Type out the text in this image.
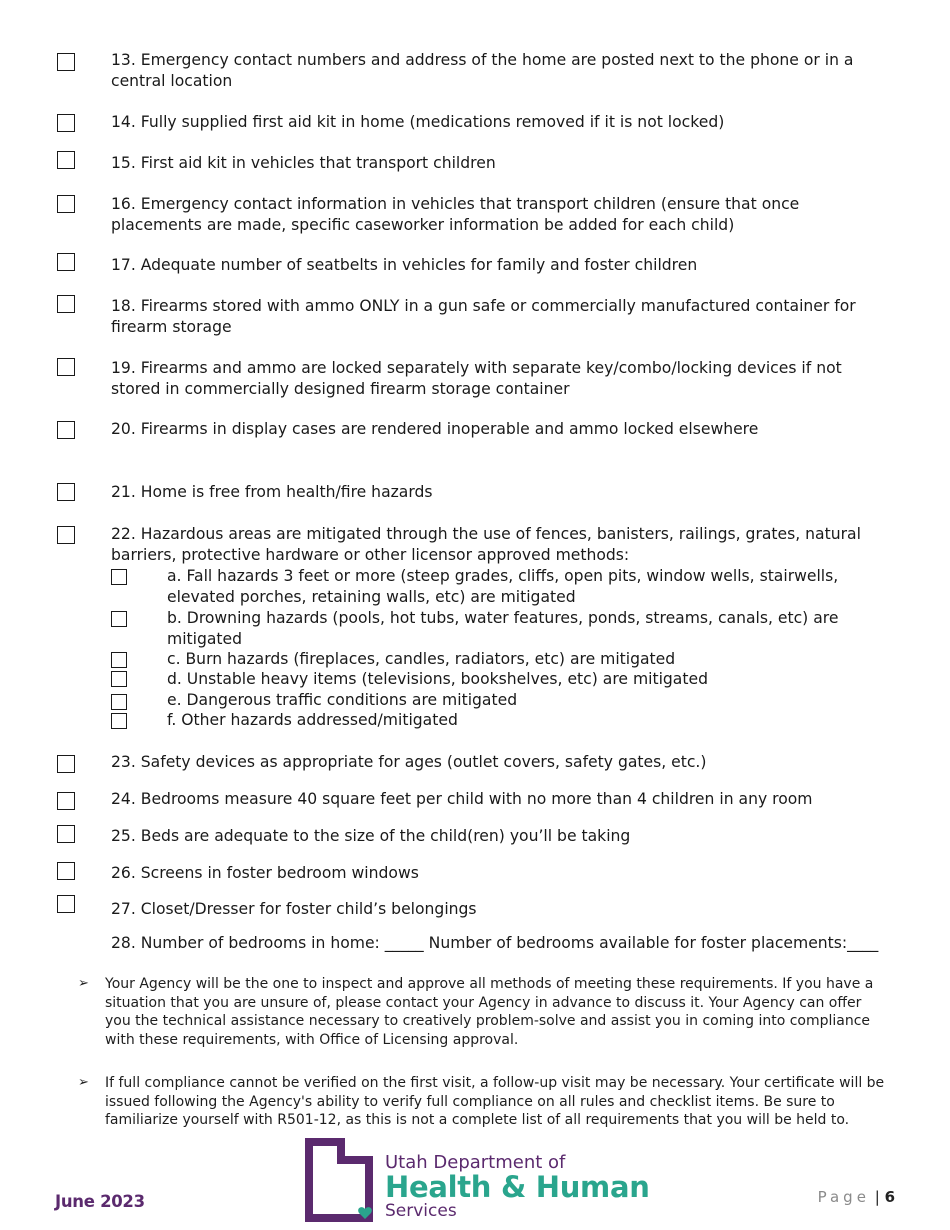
13. Emergency contact numbers and address of the home are posted next to the phone or in a central location
14. Fully supplied first aid kit in home (medications removed if it is not locked)
15. First aid kit in vehicles that transport children
16. Emergency contact information in vehicles that transport children (ensure that once placements are made, specific caseworker information be added for each child)
17. Adequate number of seatbelts in vehicles for family and foster children
18. Firearms stored with ammo ONLY in a gun safe or commercially manufactured container for firearm storage
19. Firearms and ammo are locked separately with separate key/combo/locking devices if not stored in commercially designed firearm storage container
20. Firearms in display cases are rendered inoperable and ammo locked elsewhere
21. Home is free from health/fire hazards
22. Hazardous areas are mitigated through the use of fences, banisters, railings, grates, natural barriers, protective hardware or other licensor approved methods:
a. Fall hazards 3 feet or more (steep grades, cliffs, open pits, window wells, stairwells, elevated porches, retaining walls, etc) are mitigated
b. Drowning hazards (pools, hot tubs, water features, ponds, streams, canals, etc) are mitigated
c. Burn hazards (fireplaces, candles, radiators, etc) are mitigated
d. Unstable heavy items (televisions, bookshelves, etc) are mitigated
e. Dangerous traffic conditions are mitigated
f. Other hazards addressed/mitigated
23. Safety devices as appropriate for ages (outlet covers, safety gates, etc.)
24. Bedrooms measure 40 square feet per child with no more than 4 children in any room
25. Beds are adequate to the size of the child(ren) you’ll be taking
26. Screens in foster bedroom windows
27. Closet/Dresser for foster child’s belongings
28. Number of bedrooms in home: _____ Number of bedrooms available for foster placements:____
➢ Your Agency will be the one to inspect and approve all methods of meeting these requirements. If you have a situation that you are unsure of, please contact your Agency in advance to discuss it. Your Agency can offer you the technical assistance necessary to creatively problem-solve and assist you in coming into compliance with these requirements, with Office of Licensing approval.
➢ If full compliance cannot be verified on the first visit, a follow-up visit may be necessary. Your certificate will be issued following the Agency's ability to verify full compliance on all rules and checklist items. Be sure to familiarize yourself with R501-12, as this is not a complete list of all requirements that you will be held to.
June 2023
Utah Department of
Health & Human
Services
Page | 6
